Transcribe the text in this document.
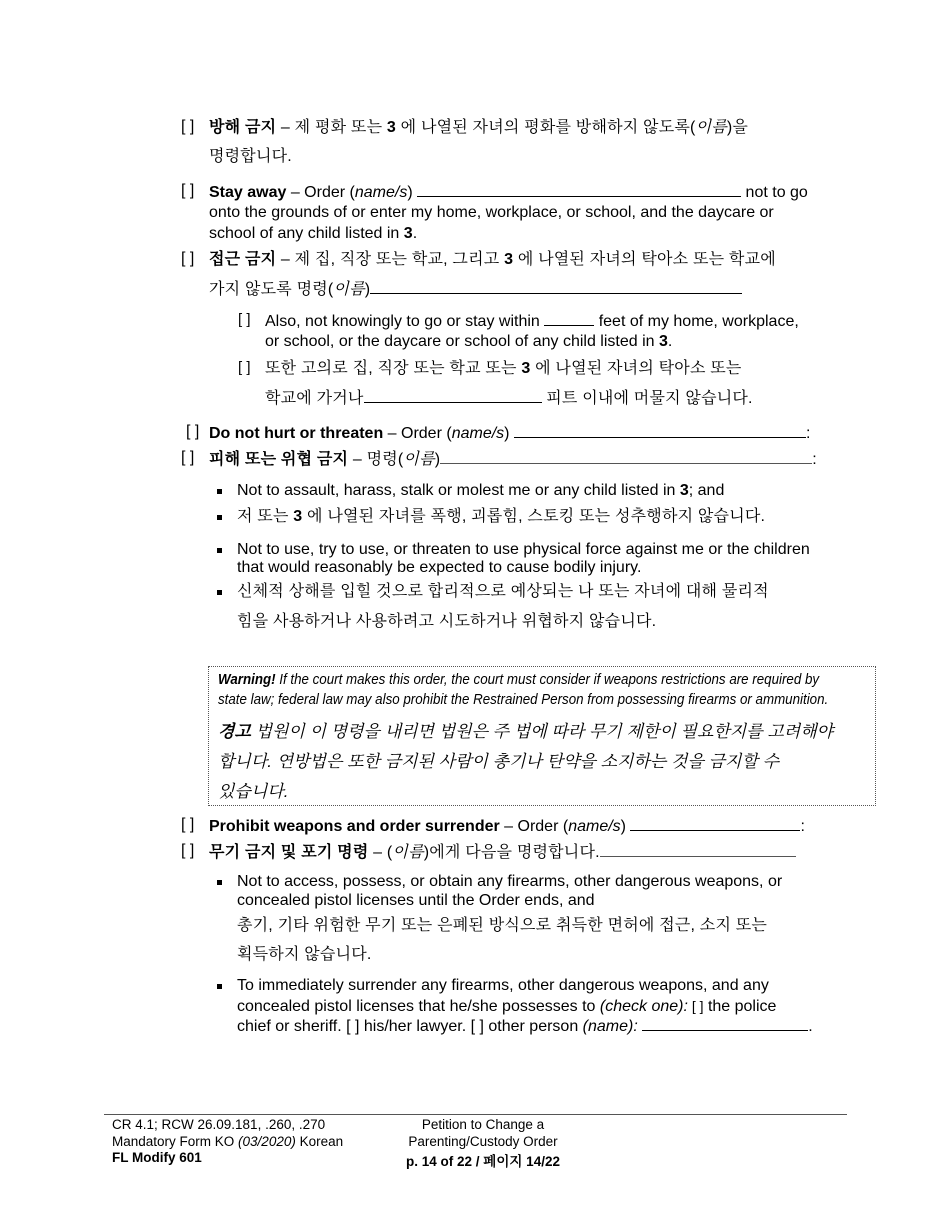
[ ] 방해 금지 – 제 평화 또는 3 에 나열된 자녀의 평화를 방해하지 않도록(이름)을
명령합니다.
[ ] Stay away – Order (name/s)	not to go
onto the grounds of or enter my home, workplace, or school, and the daycare or
school of any child listed in 3.
[ ] 접근 금지 – 제 집, 직장 또는 학교, 그리고 3 에 나열된 자녀의 탁아소 또는 학교에
가지 않도록 명령(이름)
[ ] Also, not knowingly to go or stay within	feet of my home, workplace,
or school, or the daycare or school of any child listed in 3.
[ ] 또한 고의로 집, 직장 또는 학교 또는 3 에 나열된 자녀의 탁아소 또는
학교에 가거나	피트 이내에 머물지 않습니다.
[ ] Do not hurt or threaten – Order (name/s)	:
[ ] 피해 또는 위협 금지 – 명령(이름)	:
Not to assault, harass, stalk or molest me or any child listed in 3; and
저 또는 3 에 나열된 자녀를 폭행, 괴롭힘, 스토킹 또는 성추행하지 않습니다.
Not to use, try to use, or threaten to use physical force against me or the children
that would reasonably be expected to cause bodily injury.
신체적 상해를 입힐 것으로 합리적으로 예상되는 나 또는 자녀에 대해 물리적
힘을 사용하거나 사용하려고 시도하거나 위협하지 않습니다.
Warning! If the court makes this order, the court must consider if weapons restrictions are required by
state law; federal law may also prohibit the Restrained Person from possessing firearms or ammunition.
경고 법원이 이 명령을 내리면 법원은 주 법에 따라 무기 제한이 필요한지를 고려해야
합니다. 연방법은 또한 금지된 사람이 총기나 탄약을 소지하는 것을 금지할 수
있습니다.
[ ] Prohibit weapons and order surrender – Order (name/s)	:
[ ] 무기 금지 및 포기 명령 – (이름)에게 다음을 명령합니다.
Not to access, possess, or obtain any firearms, other dangerous weapons, or
concealed pistol licenses until the Order ends, and
총기, 기타 위험한 무기 또는 은폐된 방식으로 취득한 면허에 접근, 소지 또는
획득하지 않습니다.
To immediately surrender any firearms, other dangerous weapons, and any
concealed pistol licenses that he/she possesses to (check one): [ ] the police
chief or sheriff. [ ] his/her lawyer. [ ] other person (name):	.
CR 4.1; RCW 26.09.181, .260, .270
Mandatory Form KO (03/2020) Korean
FL Modify 601
Petition to Change a
Parenting/Custody Order
p. 14 of 22 / 페이지 14/22
